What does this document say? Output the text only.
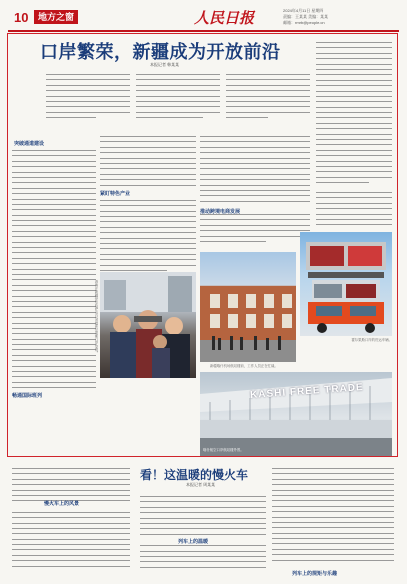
10	地方之窗	人民日报	2024年4月11日 星期四
责编：王某某 美编：某某
邮箱：rmrb@people.cn
口岸繁荣，新疆成为开放前沿
本报记者 韩某某
突破通道建设
紧盯特色产业
畅通国际班列
游客在新疆伊犁哈萨克自治州霍尔果斯口岸参观。	霍尔果斯口岸的货运车辆。
新疆喀什机场航站楼前，工作人员正在忙碌。
KASHI FREE TRADE
喀什航空口岸航站楼外景。
看！这温暖的慢火车
本报记者 周某某
慢火车上的风景
列车上的温暖
列车上的规矩与乐趣
